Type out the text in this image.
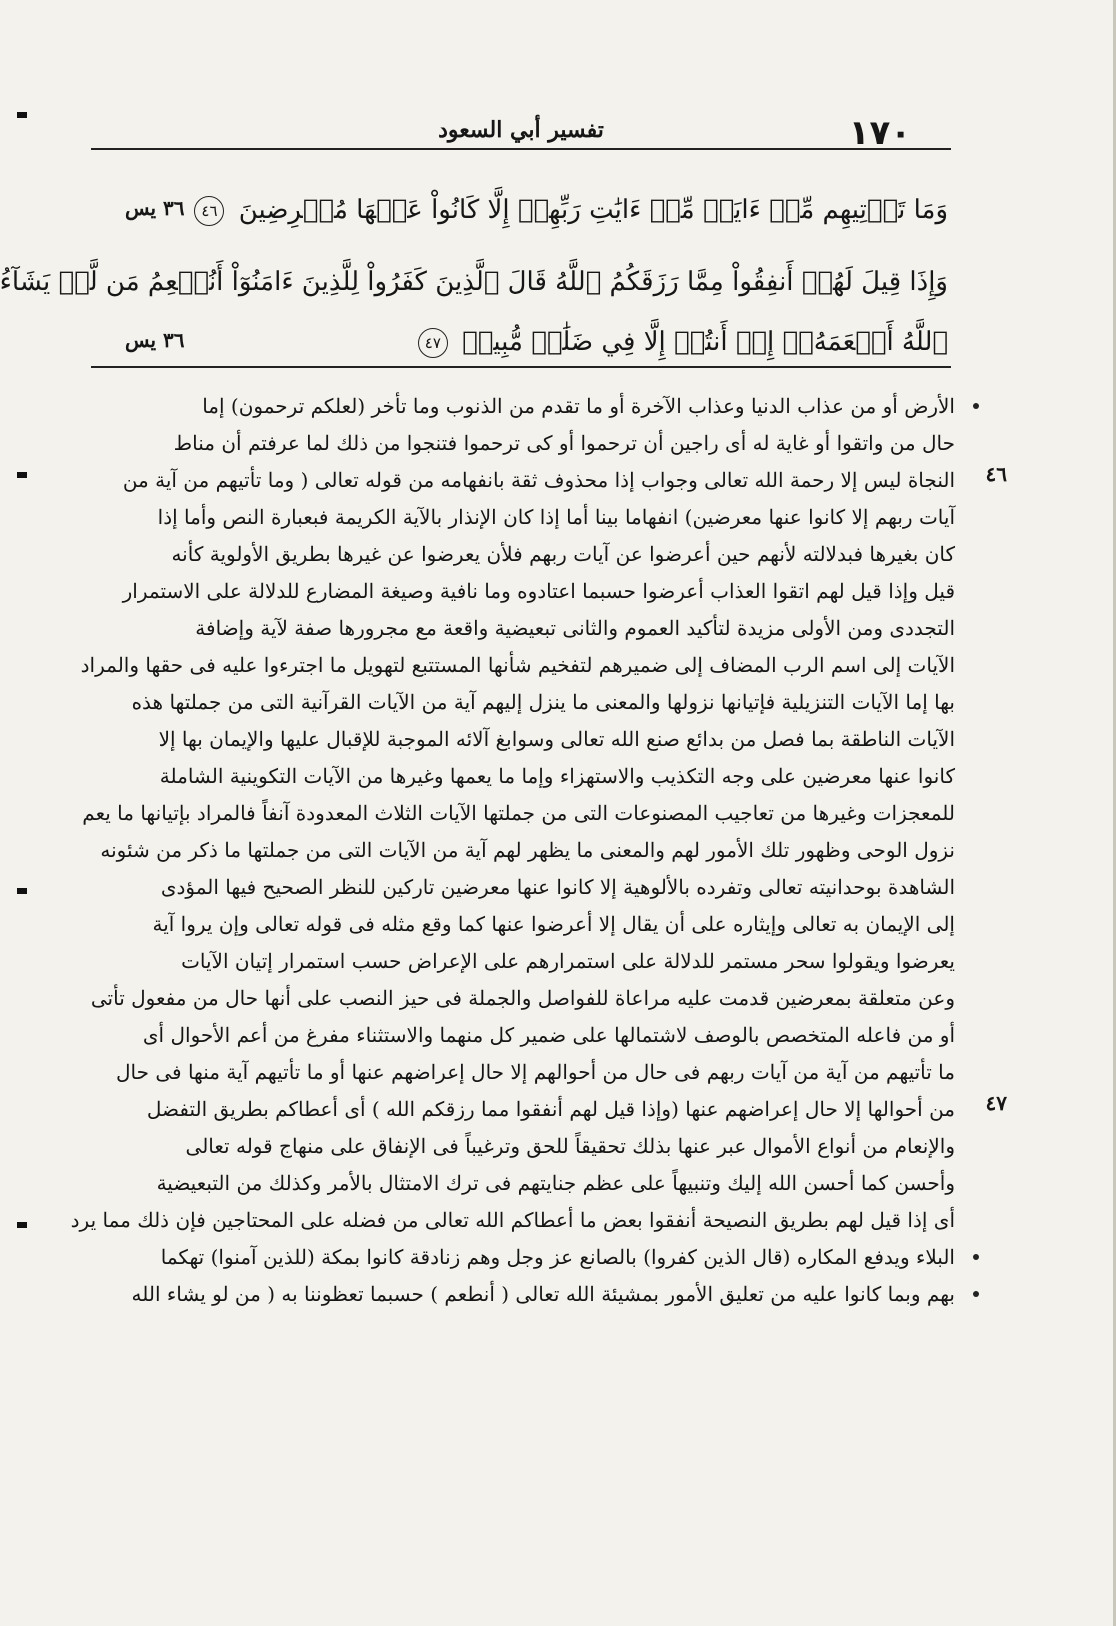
١٧٠
تفسير أبي السعود
وَمَا تَأۡتِيهِم مِّنۡ ءَايَةٖ مِّنۡ ءَايَٰتِ رَبِّهِمۡ إِلَّا كَانُواْ عَنۡهَا مُعۡرِضِينَ ٤٦
٣٦ يس
وَإِذَا قِيلَ لَهُمۡ أَنفِقُواْ مِمَّا رَزَقَكُمُ ٱللَّهُ قَالَ ٱلَّذِينَ كَفَرُواْ لِلَّذِينَ ءَامَنُوٓاْ أَنُطۡعِمُ مَن لَّوۡ يَشَآءُ
ٱللَّهُ أَطۡعَمَهُۥٓ إِنۡ أَنتُمۡ إِلَّا فِي ضَلَٰلٖ مُّبِينٖ ٤٧
٣٦ يس
الأرض أو من عذاب الدنيا وعذاب الآخرة أو ما تقدم من الذنوب وما تأخر (لعلكم ترحمون) إما
حال من واتقوا أو غاية له أى راجين أن ترحموا أو كى ترحموا فتنجوا من ذلك لما عرفتم أن مناط
النجاة ليس إلا رحمة الله تعالى وجواب إذا محذوف ثقة بانفهامه من قوله تعالى ( وما تأتيهم من آية من ٤٦
آيات ربهم إلا كانوا عنها معرضين) انفهاما بينا أما إذا كان الإنذار بالآية الكريمة فبعبارة النص وأما إذا
كان بغيرها فبدلالته لأنهم حين أعرضوا عن آيات ربهم فلأن يعرضوا عن غيرها بطريق الأولوية كأنه
قيل وإذا قيل لهم اتقوا العذاب أعرضوا حسبما اعتادوه وما نافية وصيغة المضارع للدلالة على الاستمرار
التجددى ومن الأولى مزيدة لتأكيد العموم والثانى تبعيضية واقعة مع مجرورها صفة لآية وإضافة
الآيات إلى اسم الرب المضاف إلى ضميرهم لتفخيم شأنها المستتبع لتهويل ما اجترءوا عليه فى حقها والمراد
بها إما الآيات التنزيلية فإتيانها نزولها والمعنى ما ينزل إليهم آية من الآيات القرآنية التى من جملتها هذه
الآيات الناطقة بما فصل من بدائع صنع الله تعالى وسوابغ آلائه الموجبة للإقبال عليها والإيمان بها إلا
كانوا عنها معرضين على وجه التكذيب والاستهزاء وإما ما يعمها وغيرها من الآيات التكوينية الشاملة
للمعجزات وغيرها من تعاجيب المصنوعات التى من جملتها الآيات الثلاث المعدودة آنفاً فالمراد بإتيانها ما يعم
نزول الوحى وظهور تلك الأمور لهم والمعنى ما يظهر لهم آية من الآيات التى من جملتها ما ذكر من شئونه
الشاهدة بوحدانيته تعالى وتفرده بالألوهية إلا كانوا عنها معرضين تاركين للنظر الصحيح فيها المؤدى
إلى الإيمان به تعالى وإيثاره على أن يقال إلا أعرضوا عنها كما وقع مثله فى قوله تعالى وإن يروا آية
يعرضوا ويقولوا سحر مستمر للدلالة على استمرارهم على الإعراض حسب استمرار إتيان الآيات
وعن متعلقة بمعرضين قدمت عليه مراعاة للفواصل والجملة فى حيز النصب على أنها حال من مفعول تأتى
أو من فاعله المتخصص بالوصف لاشتمالها على ضمير كل منهما والاستثناء مفرغ من أعم الأحوال أى
ما تأتيهم من آية من آيات ربهم فى حال من أحوالهم إلا حال إعراضهم عنها أو ما تأتيهم آية منها فى حال
من أحوالها إلا حال إعراضهم عنها (وإذا قيل لهم أنفقوا مما رزقكم الله ) أى أعطاكم بطريق التفضل ٤٧
والإنعام من أنواع الأموال عبر عنها بذلك تحقيقاً للحق وترغيباً فى الإنفاق على منهاج قوله تعالى
وأحسن كما أحسن الله إليك وتنبيهاً على عظم جنايتهم فى ترك الامتثال بالأمر وكذلك من التبعيضية
أى إذا قيل لهم بطريق النصيحة أنفقوا بعض ما أعطاكم الله تعالى من فضله على المحتاجين فإن ذلك مما يرد
البلاء ويدفع المكاره (قال الذين كفروا) بالصانع عز وجل وهم زنادقة كانوا بمكة (للذين آمنوا) تهكما
بهم وبما كانوا عليه من تعليق الأمور بمشيئة الله تعالى ( أنطعم ) حسبما تعظوننا به ( من لو يشاء الله
